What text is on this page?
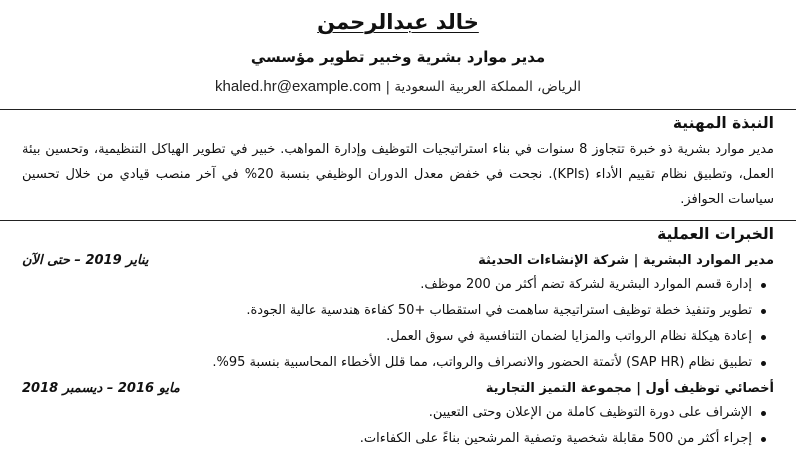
خالد عبدالرحمن
مدير موارد بشرية وخبير تطوير مؤسسي
الرياض، المملكة العربية السعودية | khaled.hr@example.com
النبذة المهنية

مدير موارد بشرية ذو خبرة تتجاوز 8 سنوات في بناء استراتيجيات التوظيف وإدارة المواهب. خبير في تطوير الهياكل التنظيمية، وتحسين بيئة العمل، وتطبيق نظام تقييم الأداء (KPIs). نجحت في خفض معدل الدوران الوظيفي بنسبة 20% في آخر منصب قيادي من خلال تحسين سياسات الحوافز.

الخبرات العملية
مدير الموارد البشرية | شركة الإنشاءات الحديثة
يناير 2019 – حتى الآن
إدارة قسم الموارد البشرية لشركة تضم أكثر من 200 موظف.
تطوير وتنفيذ خطة توظيف استراتيجية ساهمت في استقطاب +50 كفاءة هندسية عالية الجودة.
إعادة هيكلة نظام الرواتب والمزايا لضمان التنافسية في سوق العمل.
تطبيق نظام (SAP HR) لأتمتة الحضور والانصراف والرواتب، مما قلل الأخطاء المحاسبية بنسبة 95%.
أخصائي توظيف أول | مجموعة التميز التجارية
مايو 2016 – ديسمبر 2018
الإشراف على دورة التوظيف كاملة من الإعلان وحتى التعيين.
إجراء أكثر من 500 مقابلة شخصية وتصفية المرشحين بناءً على الكفاءات.
